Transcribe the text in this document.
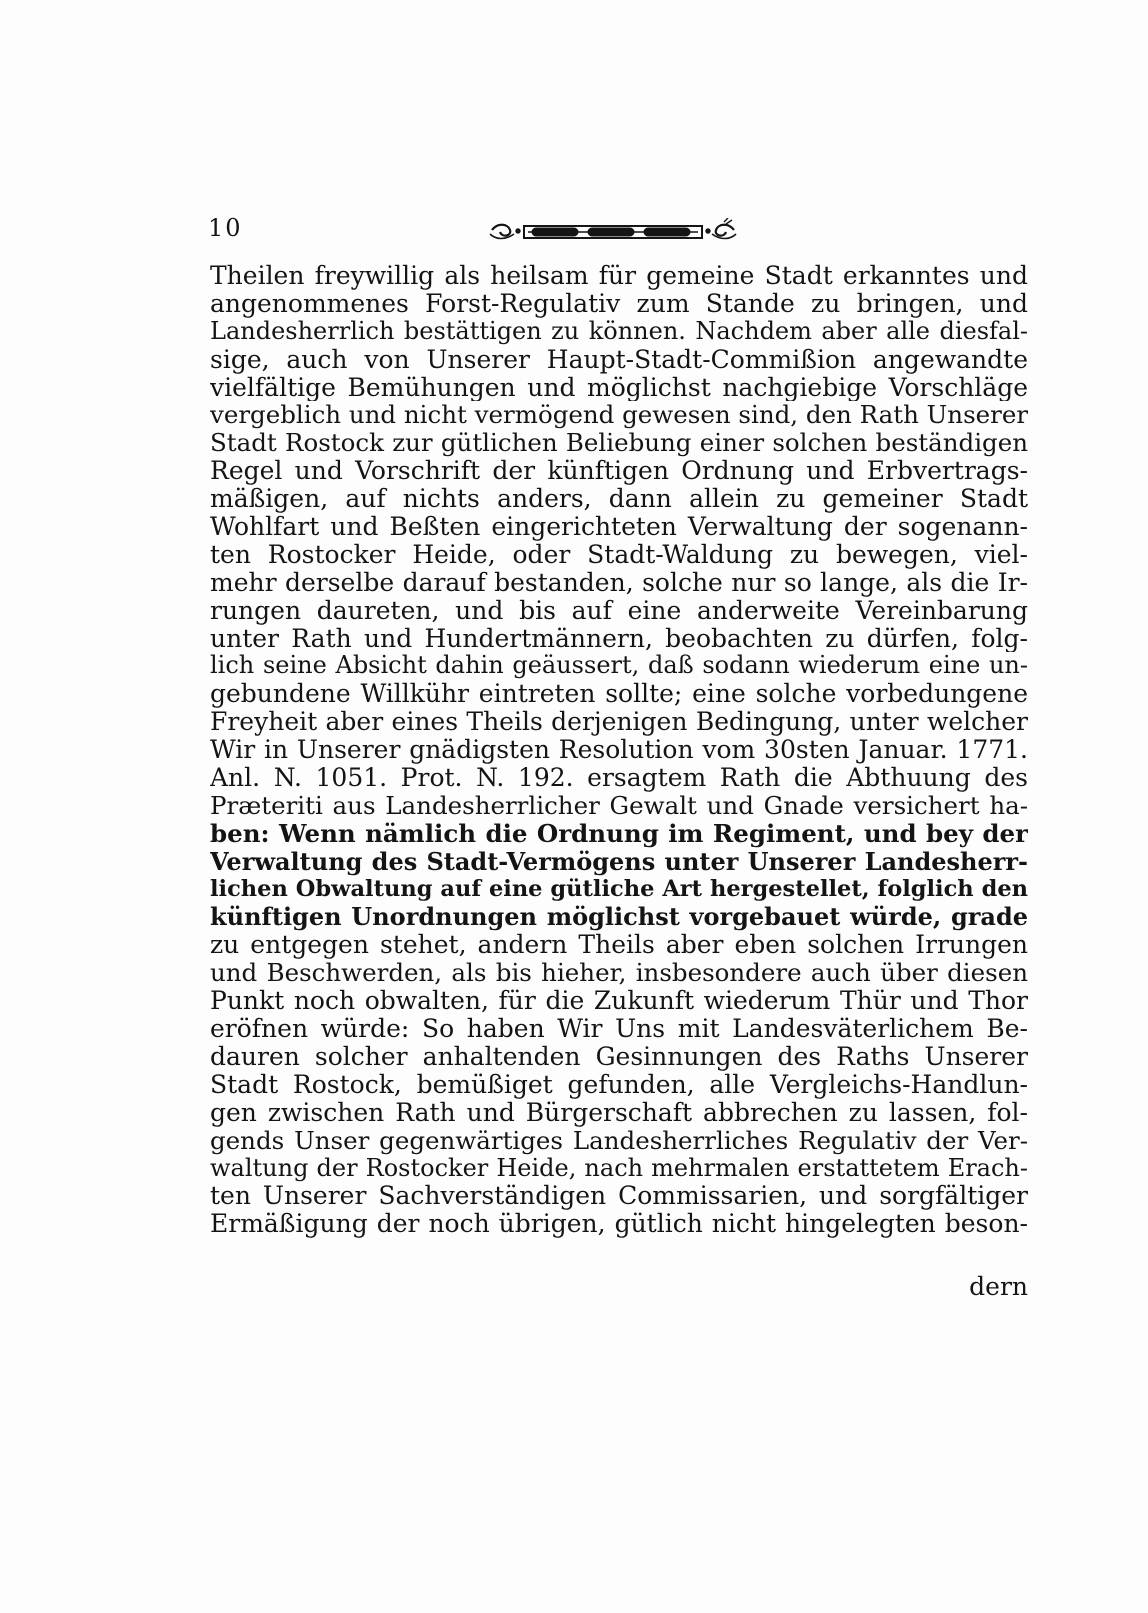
10
Theilen freywillig als heilsam für gemeine Stadt erkanntes und
angenommenes Forst-Regulativ zum Stande zu bringen, und
Landesherrlich bestättigen zu können. Nachdem aber alle diesfal-
sige, auch von Unserer Haupt-Stadt-Commißion angewandte
vielfältige Bemühungen und möglichst nachgiebige Vorschläge
vergeblich und nicht vermögend gewesen sind, den Rath Unserer
Stadt Rostock zur gütlichen Beliebung einer solchen beständigen
Regel und Vorschrift der künftigen Ordnung und Erbvertrags-
mäßigen, auf nichts anders, dann allein zu gemeiner Stadt
Wohlfart und Beßten eingerichteten Verwaltung der sogenann-
ten Rostocker Heide, oder Stadt-Waldung zu bewegen, viel-
mehr derselbe darauf bestanden, solche nur so lange, als die Ir-
rungen daureten, und bis auf eine anderweite Vereinbarung
unter Rath und Hundertmännern, beobachten zu dürfen, folg-
lich seine Absicht dahin geäussert, daß sodann wiederum eine un-
gebundene Willkühr eintreten sollte; eine solche vorbedungene
Freyheit aber eines Theils derjenigen Bedingung, unter welcher
Wir in Unserer gnädigsten Resolution vom 30sten Januar. 1771.
Anl. N. 1051. Prot. N. 192. ersagtem Rath die Abthuung des
Præteriti aus Landesherrlicher Gewalt und Gnade versichert ha-
ben: Wenn nämlich die Ordnung im Regiment, und bey der
Verwaltung des Stadt-Vermögens unter Unserer Landesherr-
lichen Obwaltung auf eine gütliche Art hergestellet, folglich den
künftigen Unordnungen möglichst vorgebauet würde, grade
zu entgegen stehet, andern Theils aber eben solchen Irrungen
und Beschwerden, als bis hieher, insbesondere auch über diesen
Punkt noch obwalten, für die Zukunft wiederum Thür und Thor
eröfnen würde: So haben Wir Uns mit Landesväterlichem Be-
dauren solcher anhaltenden Gesinnungen des Raths Unserer
Stadt Rostock, bemüßiget gefunden, alle Vergleichs-Handlun-
gen zwischen Rath und Bürgerschaft abbrechen zu lassen, fol-
gends Unser gegenwärtiges Landesherrliches Regulativ der Ver-
waltung der Rostocker Heide, nach mehrmalen erstattetem Erach-
ten Unserer Sachverständigen Commissarien, und sorgfältiger
Ermäßigung der noch übrigen, gütlich nicht hingelegten beson-
dern
